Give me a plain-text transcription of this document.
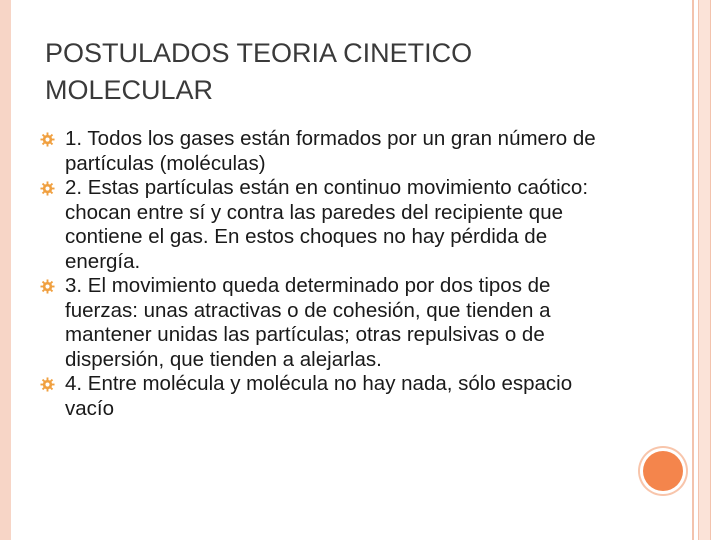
POSTULADOS TEORIA CINETICO MOLECULAR
1. Todos los gases están formados por un gran número de partículas (moléculas)
2. Estas partículas están en continuo movimiento caótico: chocan entre sí y contra las paredes del recipiente que contiene el gas. En estos choques no hay pérdida de energía.
3. El movimiento queda determinado por dos tipos de fuerzas: unas atractivas o de cohesión, que tienden a mantener unidas las partículas; otras repulsivas o de dispersión, que tienden a alejarlas.
4. Entre molécula y molécula no hay nada, sólo espacio vacío
